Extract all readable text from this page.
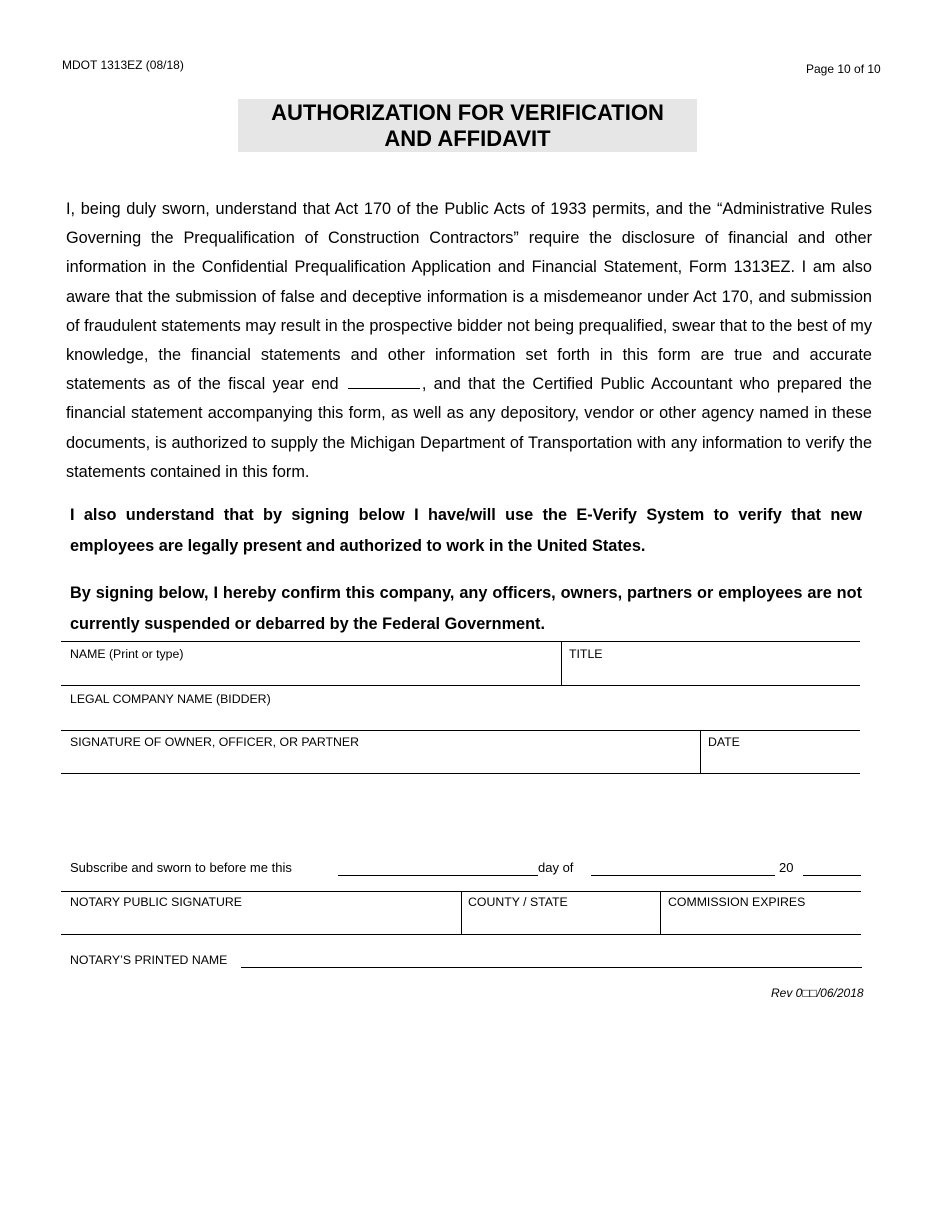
MDOT 1313EZ (08/18)	Page 10 of 10
AUTHORIZATION FOR VERIFICATION
AND AFFIDAVIT
I, being duly sworn, understand that Act 170 of the Public Acts of 1933 permits, and the “Administrative Rules Governing the Prequalification of Construction Contractors” require the disclosure of financial and other information in the Confidential Prequalification Application and Financial Statement, Form 1313EZ. I am also aware that the submission of false and deceptive information is a misdemeanor under Act 170, and submission of fraudulent statements may result in the prospective bidder not being prequalified, swear that to the best of my knowledge, the financial statements and other information set forth in this form are true and accurate statements as of the fiscal year end	, and that the Certified Public Accountant who prepared the financial statement accompanying this form, as well as any depository, vendor or other agency named in these documents, is authorized to supply the Michigan Department of Transportation with any information to verify the statements contained in this form.
I also understand that by signing below I have/will use the E-Verify System to verify that new employees are legally present and authorized to work in the United States.
By signing below, I hereby confirm this company, any officers, owners, partners or employees are not currently suspended or debarred by the Federal Government.
NAME (Print or type)	TITLE
LEGAL COMPANY NAME (BIDDER)
SIGNATURE OF OWNER, OFFICER, OR PARTNER	DATE
Subscribe and sworn to before me this	day of	20
NOTARY PUBLIC SIGNATURE	COUNTY / STATE	COMMISSION EXPIRES
NOTARY’S PRINTED NAME
Rev 0□□/06/2018
